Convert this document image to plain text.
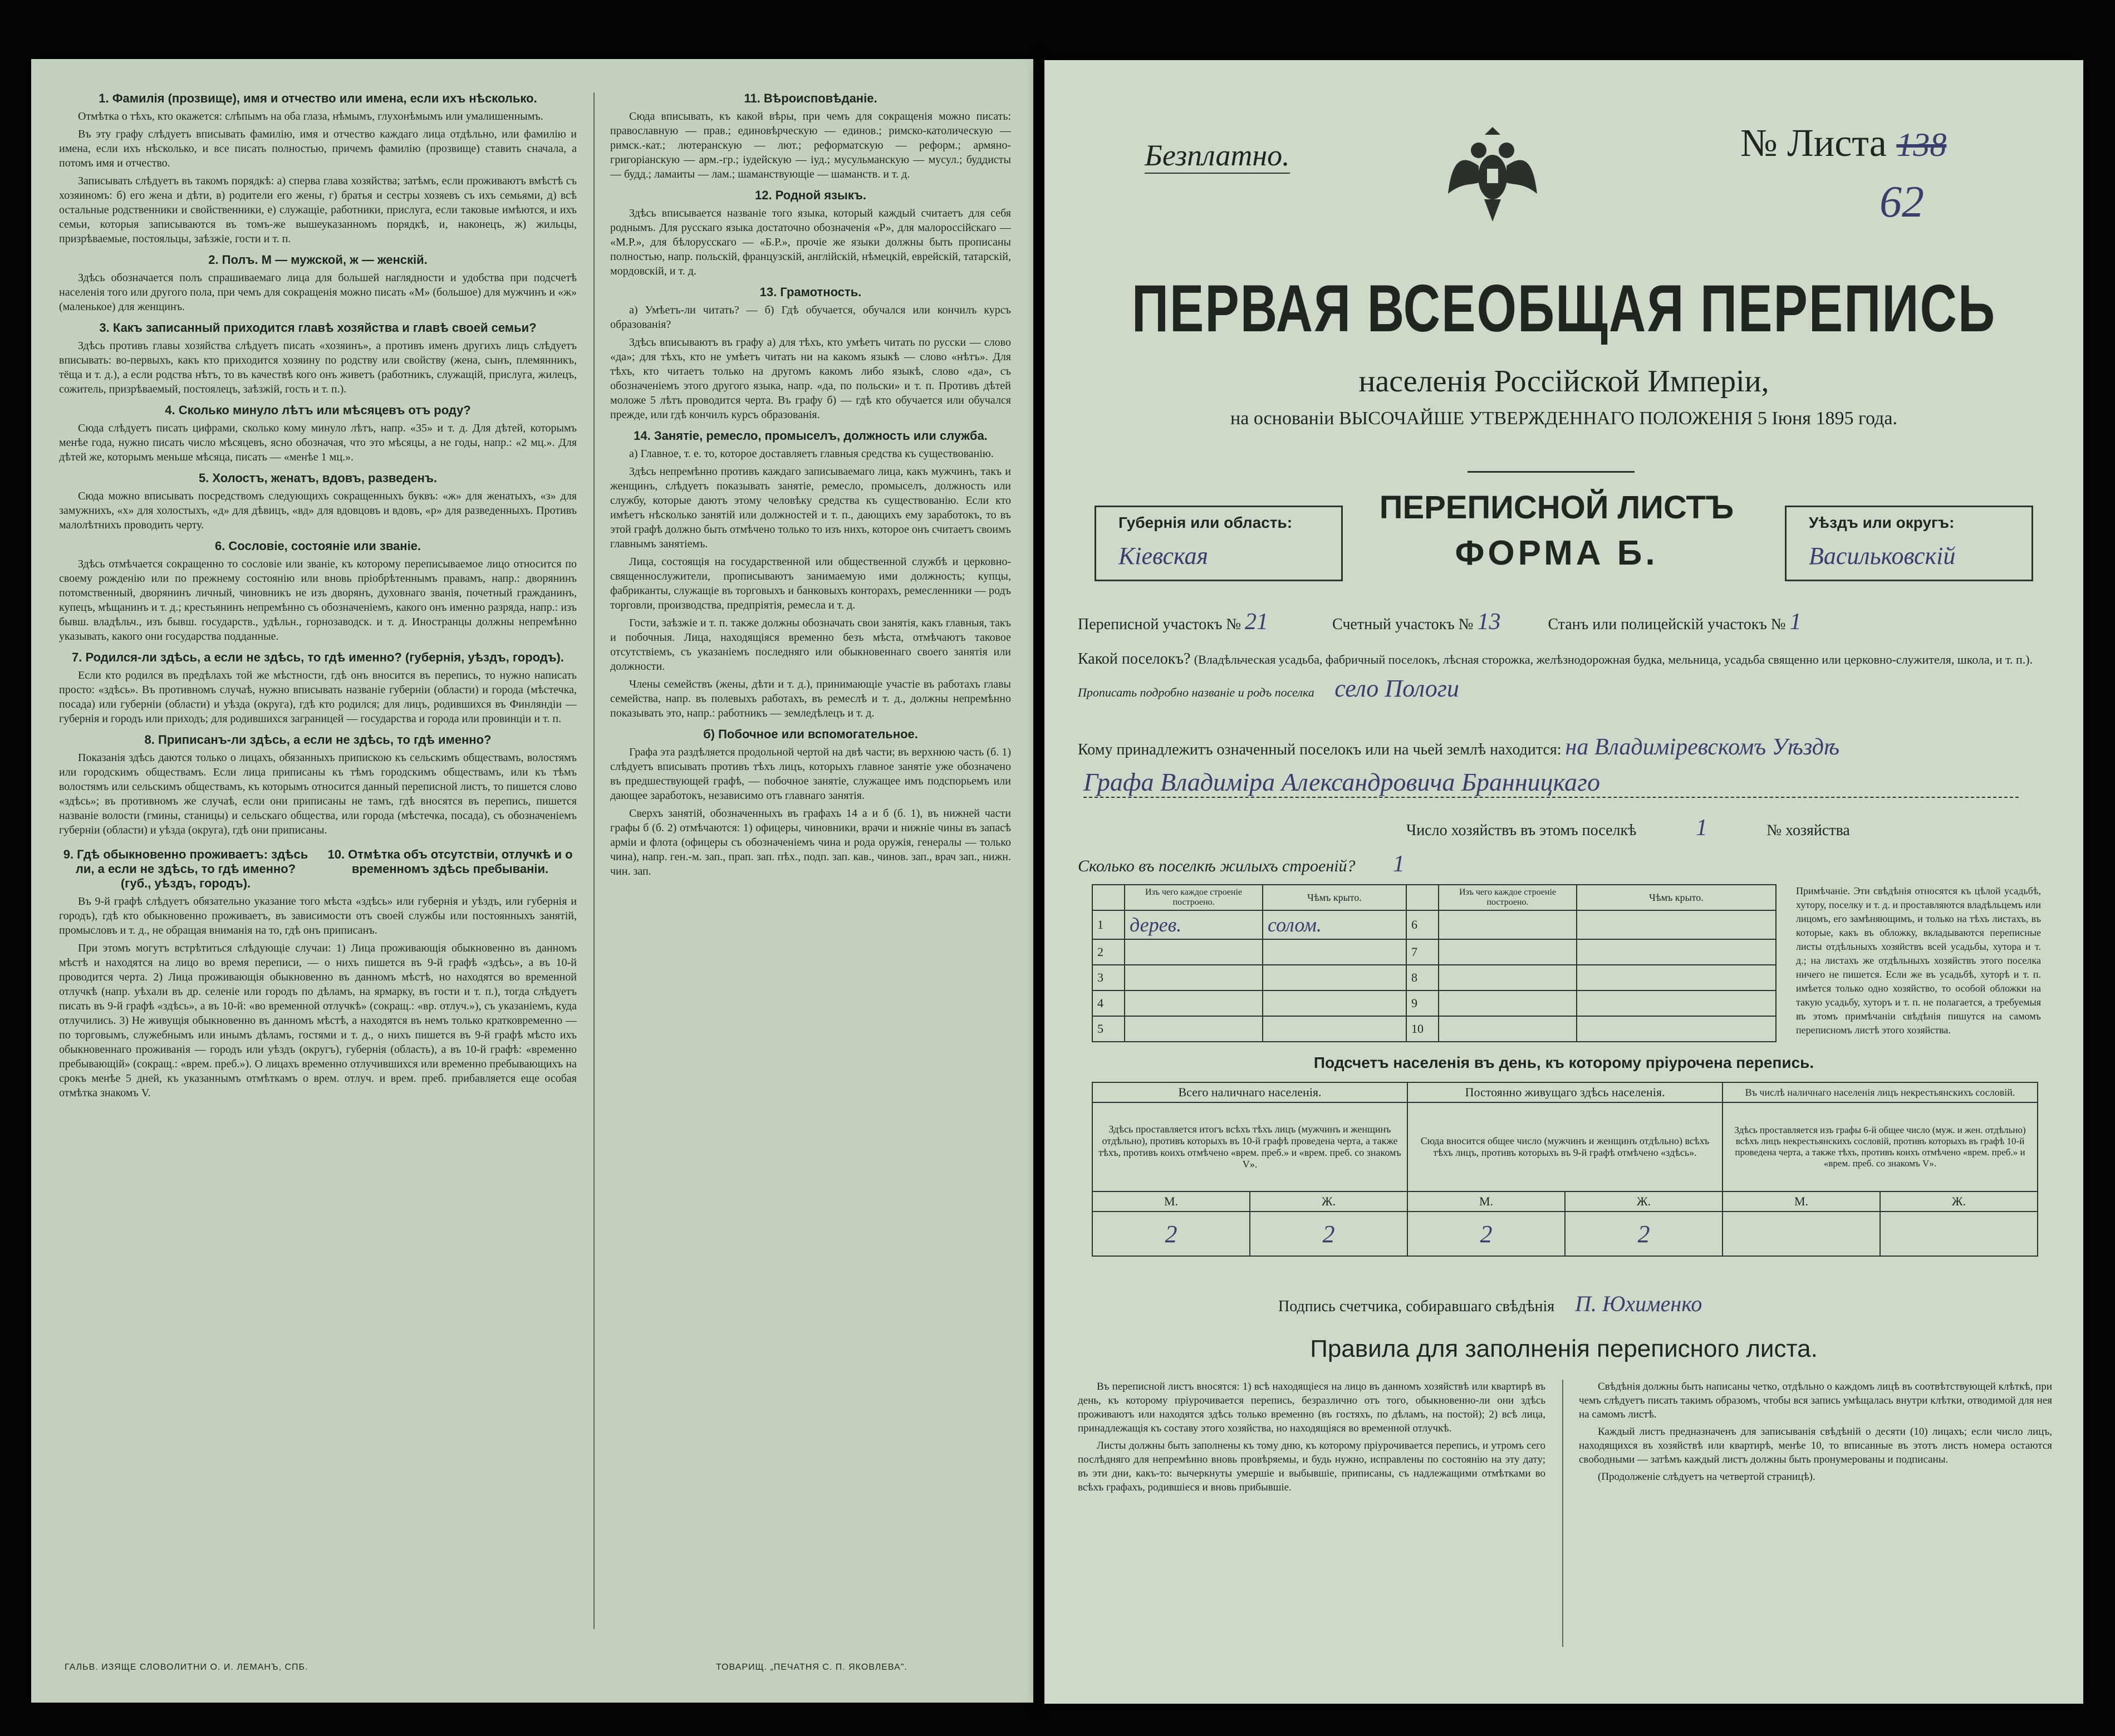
1. Фамилія (прозвище), имя и отчество или имена, если ихъ нѣсколько.

Отмѣтка о тѣхъ, кто окажется: слѣпымъ на оба глаза, нѣмымъ, глухонѣмымъ или умалишеннымъ.

Въ эту графу слѣдуетъ вписывать фамилію, имя и отчество каждаго лица отдѣльно, или фамилію и имена, если ихъ нѣсколько, и все писать полностью, причемъ фамилію (прозвище) ставить сначала, а потомъ имя и отчество.

Записывать слѣдуетъ въ такомъ порядкѣ: а) сперва глава хозяйства; затѣмъ, если проживаютъ вмѣстѣ съ хозяиномъ: б) его жена и дѣти, в) родители его жены, г) братья и сестры хозяевъ съ ихъ семьями, д) всѣ остальные родственники и свойственники, е) служащіе, работники, прислуга, если таковые имѣются, и ихъ семьи, которыя записываются въ томъ-же вышеуказанномъ порядкѣ, и, наконецъ, ж) жильцы, призрѣваемые, постояльцы, заѣзжіе, гости и т. п.

2. Полъ. М — мужской, ж — женскій.

Здѣсь обозначается полъ спрашиваемаго лица для большей наглядности и удобства при подсчетѣ населенія того или другого пола, при чемъ для сокращенія можно писать «М» (большое) для мужчинъ и «ж» (маленькое) для женщинъ.

3. Какъ записанный приходится главѣ хозяйства и главѣ своей семьи?

Здѣсь противъ главы хозяйства слѣдуетъ писать «хозяинъ», а противъ именъ другихъ лицъ слѣдуетъ вписывать: во-первыхъ, какъ кто приходится хозяину по родству или свойству (жена, сынъ, племянникъ, тёща и т. д.), а если родства нѣтъ, то въ качествѣ кого онъ живетъ (работникъ, служащій, прислуга, жилецъ, сожитель, призрѣваемый, постоялецъ, заѣзжій, гость и т. п.).

4. Сколько минуло лѣтъ или мѣсяцевъ отъ роду?

Сюда слѣдуетъ писать цифрами, сколько кому минуло лѣтъ, напр. «35» и т. д. Для дѣтей, которымъ менѣе года, нужно писать число мѣсяцевъ, ясно обозначая, что это мѣсяцы, а не годы, напр.: «2 мц.». Для дѣтей же, которымъ меньше мѣсяца, писать — «менѣе 1 мц.».

5. Холостъ, женатъ, вдовъ, разведенъ.

Сюда можно вписывать посредствомъ следующихъ сокращенныхъ буквъ: «ж» для женатыхъ, «з» для замужнихъ, «х» для холостыхъ, «д» для дѣвицъ, «вд» для вдовцовъ и вдовъ, «р» для разведенныхъ. Противъ малолѣтнихъ проводить черту.

6. Сословіе, состояніе или званіе.

Здѣсь отмѣчается сокращенно то сословіе или званіе, къ которому переписываемое лицо относится по своему рожденію или по прежнему состоянію или вновь пріобрѣтеннымъ правамъ, напр.: дворянинъ потомственный, дворянинъ личный, чиновникъ не изъ дворянъ, духовнаго званія, почетный гражданинъ, купецъ, мѣщанинъ и т. д.; крестьянинъ непремѣнно съ обозначеніемъ, какого онъ именно разряда, напр.: изъ бывш. владѣльч., изъ бывш. государств., удѣльн., горнозаводск. и т. д. Иностранцы должны непремѣнно указывать, какого они государства подданные.

7. Родился-ли здѣсь, а если не здѣсь, то гдѣ именно? (губернія, уѣздъ, городъ).

Если кто родился въ предѣлахъ той же мѣстности, гдѣ онъ вносится въ перепись, то нужно написать просто: «здѣсь». Въ противномъ случаѣ, нужно вписывать названіе губерніи (области) и города (мѣстечка, посада) или губерніи (области) и уѣзда (округа), гдѣ кто родился; для лицъ, родившихся въ Финляндіи — губернія и городъ или приходъ; для родившихся заграницей — государства и города или провинціи и т. п.

8. Приписанъ-ли здѣсь, а если не здѣсь, то гдѣ именно?

Показанія здѣсь даются только о лицахъ, обязанныхъ припискою къ сельскимъ обществамъ, волостямъ или городскимъ обществамъ. Если лица приписаны къ тѣмъ городскимъ обществамъ, или къ тѣмъ волостямъ или сельскимъ обществамъ, къ которымъ относится данный переписной листъ, то пишется слово «здѣсь»; въ противномъ же случаѣ, если они приписаны не тамъ, гдѣ вносятся въ перепись, пишется названіе волости (гмины, станицы) и сельскаго общества, или города (мѣстечка, посада), съ обозначеніемъ губерніи (области) и уѣзда (округа), гдѣ они приписаны.

9. Гдѣ обыкновенно проживаетъ: здѣсь ли, а если не здѣсь, то гдѣ именно? (губ., уѣздъ, городъ).
10. Отмѣтка объ отсутствіи, отлучкѣ и о временномъ здѣсь пребываніи.

Въ 9-й графѣ слѣдуетъ обязательно указание того мѣста «здѣсь» или губернія и уѣздъ, или губернія и городъ), гдѣ кто обыкновенно проживаетъ, въ зависимости отъ своей службы или постоянныхъ занятій, промысловъ и т. д., не обращая вниманія на то, гдѣ онъ приписанъ.

При этомъ могутъ встрѣтиться слѣдующіе случаи: 1) Лица проживающія обыкновенно въ данномъ мѣстѣ и находятся на лицо во время переписи, — о нихъ пишется въ 9-й графѣ «здѣсь», а въ 10-й проводится черта. 2) Лица проживающія обыкновенно въ данномъ мѣстѣ, но находятся во временной отлучкѣ (напр. уѣхали въ др. селеніе или городъ по дѣламъ, на ярмарку, въ гости и т. п.), тогда слѣдуетъ писать въ 9-й графѣ «здѣсь», а въ 10-й: «во временной отлучкѣ» (сокращ.: «вр. отлуч.»), съ указаніемъ, куда отлучились. 3) Не живущія обыкновенно въ данномъ мѣстѣ, а находятся въ немъ только кратковременно — по торговымъ, служебнымъ или инымъ дѣламъ, гостями и т. д., о нихъ пишется въ 9-й графѣ мѣсто ихъ обыкновеннаго проживанія — городъ или уѣздъ (округъ), губернія (область), а въ 10-й графѣ: «временно пребывающій» (сокращ.: «врем. преб.»). О лицахъ временно отлучившихся или временно пребывающихъ на срокъ менѣе 5 дней, къ указаннымъ отмѣткамъ о врем. отлуч. и врем. преб. прибавляется еще особая отмѣтка знакомъ V.

11. Вѣроисповѣданіе.

Сюда вписывать, къ какой вѣры, при чемъ для сокращенія можно писать: православную — прав.; единовѣрческую — единов.; римско-католическую — римск.-кат.; лютеранскую — лют.; реформатскую — реформ.; армяно-григоріанскую — арм.-гр.; іудейскую — іуд.; мусульманскую — мусул.; буддисты — будд.; ламаиты — лам.; шаманствующіе — шаманств. и т. д.

12. Родной языкъ.

Здѣсь вписывается названіе того языка, который каждый считаетъ для себя роднымъ. Для русскаго языка достаточно обозначенія «Р», для малороссійскаго — «М.Р.», для бѣлорусскаго — «Б.Р.», прочіе же языки должны быть прописаны полностью, напр. польскій, французскій, англійскій, нѣмецкій, еврейскій, татарскій, мордовскій, и т. д.

13. Грамотность.

а) Умѣетъ-ли читать? — б) Гдѣ обучается, обучался или кончилъ курсъ образованія?

Здѣсь вписываютъ въ графу а) для тѣхъ, кто умѣетъ читать по русски — слово «да»; для тѣхъ, кто не умѣетъ читать ни на какомъ языкѣ — слово «нѣтъ». Для тѣхъ, кто читаетъ только на другомъ какомъ либо языкѣ, слово «да», съ обозначеніемъ этого другого языка, напр. «да, по польски» и т. п. Противъ дѣтей моложе 5 лѣтъ проводится черта. Въ графу б) — гдѣ кто обучается или обучался прежде, или гдѣ кончилъ курсъ образованія.

14. Занятіе, ремесло, промыселъ, должность или служба.

а) Главное, т. е. то, которое доставляетъ главныя средства къ существованію.

Здѣсь непремѣнно противъ каждаго записываемаго лица, какъ мужчинъ, такъ и женщинъ, слѣдуетъ показывать занятіе, ремесло, промыселъ, должность или службу, которые даютъ этому человѣку средства къ существованію. Если кто имѣетъ нѣсколько занятій или должностей и т. п., дающихъ ему заработокъ, то въ этой графѣ должно быть отмѣчено только то изъ нихъ, которое онъ считаетъ своимъ главнымъ занятіемъ.

Лица, состоящія на государственной или общественной службѣ и церковно-священнослужители, прописываютъ занимаемую ими должность; купцы, фабриканты, служащіе въ торговыхъ и банковыхъ конторахъ, ремесленники — родъ торговли, производства, предпріятія, ремесла и т. д.

Гости, заѣзжіе и т. п. также должны обозначать свои занятія, какъ главныя, такъ и побочныя. Лица, находящіяся временно безъ мѣста, отмѣчаютъ таковое отсутствіемъ, съ указаніемъ последняго или обыкновеннаго своего занятія или должности.

Члены семействъ (жены, дѣти и т. д.), принимающіе участіе въ работахъ главы семейства, напр. въ полевыхъ работахъ, въ ремеслѣ и т. д., должны непремѣнно показывать это, напр.: работникъ — земледѣлецъ и т. д.

б) Побочное или вспомогательное.

Графа эта раздѣляется продольной чертой на двѣ части; въ верхнюю часть (б. 1) слѣдуетъ вписывать противъ тѣхъ лицъ, которыхъ главное занятіе уже обозначено въ предшествующей графѣ, — побочное занятіе, служащее имъ подспорьемъ или дающее заработокъ, независимо отъ главнаго занятія.

Сверхъ занятій, обозначенныхъ въ графахъ 14 а и б (б. 1), въ нижней части графы б (б. 2) отмѣчаются: 1) офицеры, чиновники, врачи и нижніе чины въ запасѣ арміи и флота (офицеры съ обозначеніемъ чина и рода оружія, генералы — только чина), напр. ген.-м. зап., прап. зап. пѣх., подп. зап. кав., чинов. зап., врач зап., нижн. чин. зап.

ГАЛЬВ. ИЗЯЩЕ СЛОВОЛИТНИ О. И. ЛЕМАНЪ, СПБ.	ТОВАРИЩ. „ПЕЧАТНЯ С. П. ЯКОВЛЕВА".
Безплатно.	№ Листа 138
62
ПЕРВАЯ ВСЕОБЩАЯ ПЕРЕПИСЬ
населенія Россійской Имперіи,
на основаніи ВЫСОЧАЙШЕ УТВЕРЖДЕННАГО ПОЛОЖЕНІЯ 5 Іюня 1895 года.
Губернія или область:
Кіевская
ПЕРЕПИСНОЙ ЛИСТЪ
ФОРМА Б.
Уѣздъ или округъ:
Васильковскій
Переписной участокъ № 21	Счетный участокъ № 13	Станъ или полицейскій участокъ № 1
Какой поселокъ? (Владѣльческая усадьба, фабричный поселокъ, лѣсная сторожка, желѣзнодорожная будка, мельница, усадьба священно или церковно-служителя, школа, и т. п.). Прописать подробно названіе и родъ поселка село Пологи
Кому принадлежитъ означенный поселокъ или на чьей землѣ находится: на Владиміревскомъ Уѣздѣ
Графа Владиміра Александровича Бранницкаго
Число хозяйствъ въ этомъ поселкѣ	1	№ хозяйства
Сколько въ поселкѣ жилыхъ строеній? 1
	Изъ чего каждое строеніе построено.	Чѣмъ крыто.		Изъ чего каждое строеніе построено.	Чѣмъ крыто.
1	дерев.	солом.	6		
2			7		
3			8		
4			9		
5			10		
Примѣчаніе. Эти свѣдѣнія относятся къ цѣлой усадьбѣ, хутору, поселку и т. д. и проставляются владѣльцемъ или лицомъ, его замѣняющимъ, и только на тѣхъ листахъ, въ которые, какъ въ обложку, вкладываются переписные листы отдѣльныхъ хозяйствъ всей усадьбы, хутора и т. д.; на листахъ же отдѣльныхъ хозяйствъ этого поселка ничего не пишется. Если же въ усадьбѣ, хуторѣ и т. п. имѣется только одно хозяйство, то особой обложки на такую усадьбу, хуторъ и т. п. не полагается, а требуемыя въ этомъ примѣчаніи свѣдѣнія пишутся на самомъ переписномъ листѣ этого хозяйства.
Подсчетъ населенія въ день, къ которому пріурочена перепись.
Всего наличнаго населенія.		Постоянно живущаго здѣсь населенія.		Въ числѣ наличнаго населенія лицъ некрестьянскихъ сословій.	
Здѣсь проставляется итогъ всѣхъ тѣхъ лицъ (мужчинъ и женщинъ отдѣльно), противъ которыхъ въ 10-й графѣ проведена черта, а также тѣхъ, противъ коихъ отмѣчено «врем. преб.» и «врем. преб. со знакомъ V».		Сюда вносится общее число (мужчинъ и женщинъ отдѣльно) всѣхъ тѣхъ лицъ, противъ которыхъ въ 9-й графѣ отмѣчено «здѣсь».		Здѣсь проставляется изъ графы 6-й общее число (муж. и жен. отдѣльно) всѣхъ лицъ некрестьянскихъ сословій, противъ которыхъ въ графѣ 10-й проведена черта, а также тѣхъ, противъ коихъ отмѣчено «врем. преб.» и «врем. преб. со знакомъ V».	
М.	Ж.	М.	Ж.	М.	Ж.
2	2	2	2		
Подпись счетчика, собиравшаго свѣдѣнія П. Юхименко
Правила для заполненія переписного листа.

Въ переписной листъ вносятся: 1) всѣ находящіеся на лицо въ данномъ хозяйствѣ или квартирѣ въ день, къ которому пріурочивается перепись, безразлично отъ того, обыкновенно-ли они здѣсь проживаютъ или находятся здѣсь только временно (въ гостяхъ, по дѣламъ, на постой); 2) всѣ лица, принадлежащія къ составу этого хозяйства, но находящіяся во временной отлучкѣ.

Листы должны быть заполнены къ тому дню, къ которому пріурочивается перепись, и утромъ сего послѣдняго для непремѣнно вновь провѣряемы, и будь нужно, исправлены по состоянію на эту дату; въ эти дни, какъ-то: вычеркнуты умершіе и выбывшіе, приписаны, съ надлежащими отмѣтками во всѣхъ графахъ, родившіеся и вновь прибывшіе.

Свѣдѣнія должны быть написаны четко, отдѣльно о каждомъ лицѣ въ соотвѣтствующей клѣткѣ, при чемъ слѣдуетъ писать такимъ образомъ, чтобы вся запись умѣщалась внутри клѣтки, отводимой для нея на самомъ листѣ.

Каждый листъ предназначенъ для записыванія свѣдѣній о десяти (10) лицахъ; если число лицъ, находящихся въ хозяйствѣ или квартирѣ, менѣе 10, то вписанные въ этотъ листъ номера остаются свободными — затѣмъ каждый листъ должны быть пронумерованы и подписаны.

(Продолженіе слѣдуетъ на четвертой страницѣ).
